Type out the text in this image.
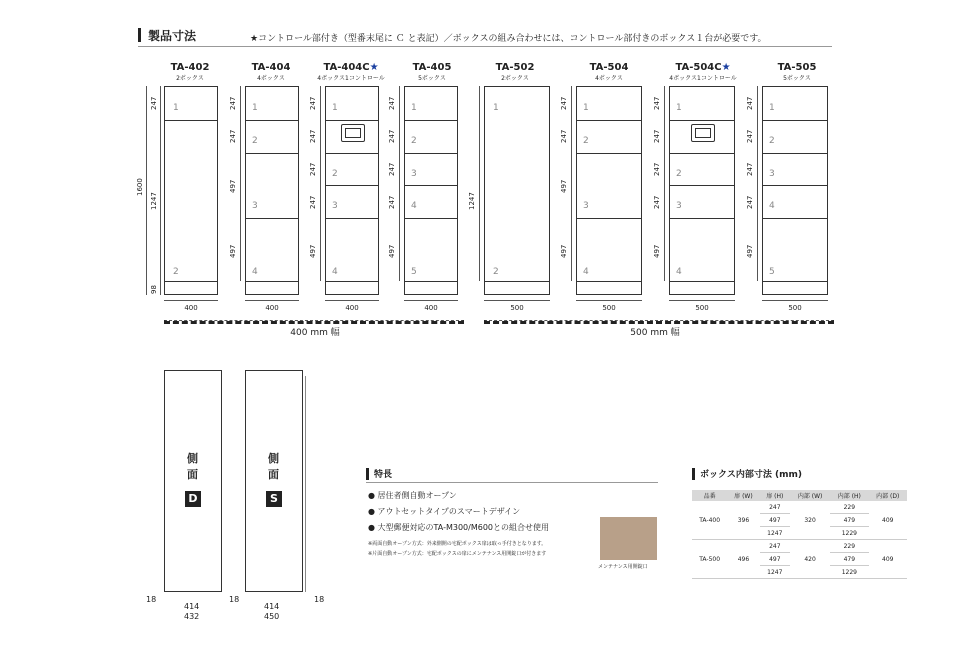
製品寸法	★コントロール部付き（型番末尾に Ｃ と表記）／ボックスの組み合わせには、コントロール部付きのボックス１台が必要です。
TA-402
2ボックス
TA-404
4ボックス
TA-404C★
4ボックス1コントロール
TA-405
5ボックス
TA-502
2ボックス
TA-504
4ボックス
TA-504C★
4ボックス1コントロール
TA-505
5ボックス
1
2
1
2
3
4
1
2
3
4
1
2
3
4
5
1
2
1
2
3
4
1
2
3
4
1
2
3
4
5
247
1247
98
1600
247
247
497
497
247
247
247
247
497
247
247
247
247
497
1247
247
247
497
497
247
247
247
247
497
247
247
247
247
497
400	400	400	400	500	500	500	500
400 mm 幅	500 mm 幅
側面
D
側面
S
18
414
432
18
414
450
18
特長
● 居住者側自動オープン
● アウトセットタイプのスマートデザイン
● 大型郵便対応のTA-M300/M600との組合せ使用
※両面自動オープン方式：外来側開の宅配ボックス扉は取っ手付きとなります。
※片面自動オープン方式：宅配ボックスの扉にメンテナンス用開錠口が付きます
メンテナンス用開錠口
ボックス内部寸法 (mm)
品番	扉 (W)	扉 (H)	内部 (W)	内部 (H)	内部 (D)
TA-400	396	247	320	229	409
		497		479	
		1247		1229	
TA-500	496	247	420	229	409
		497		479	
		1247		1229	
